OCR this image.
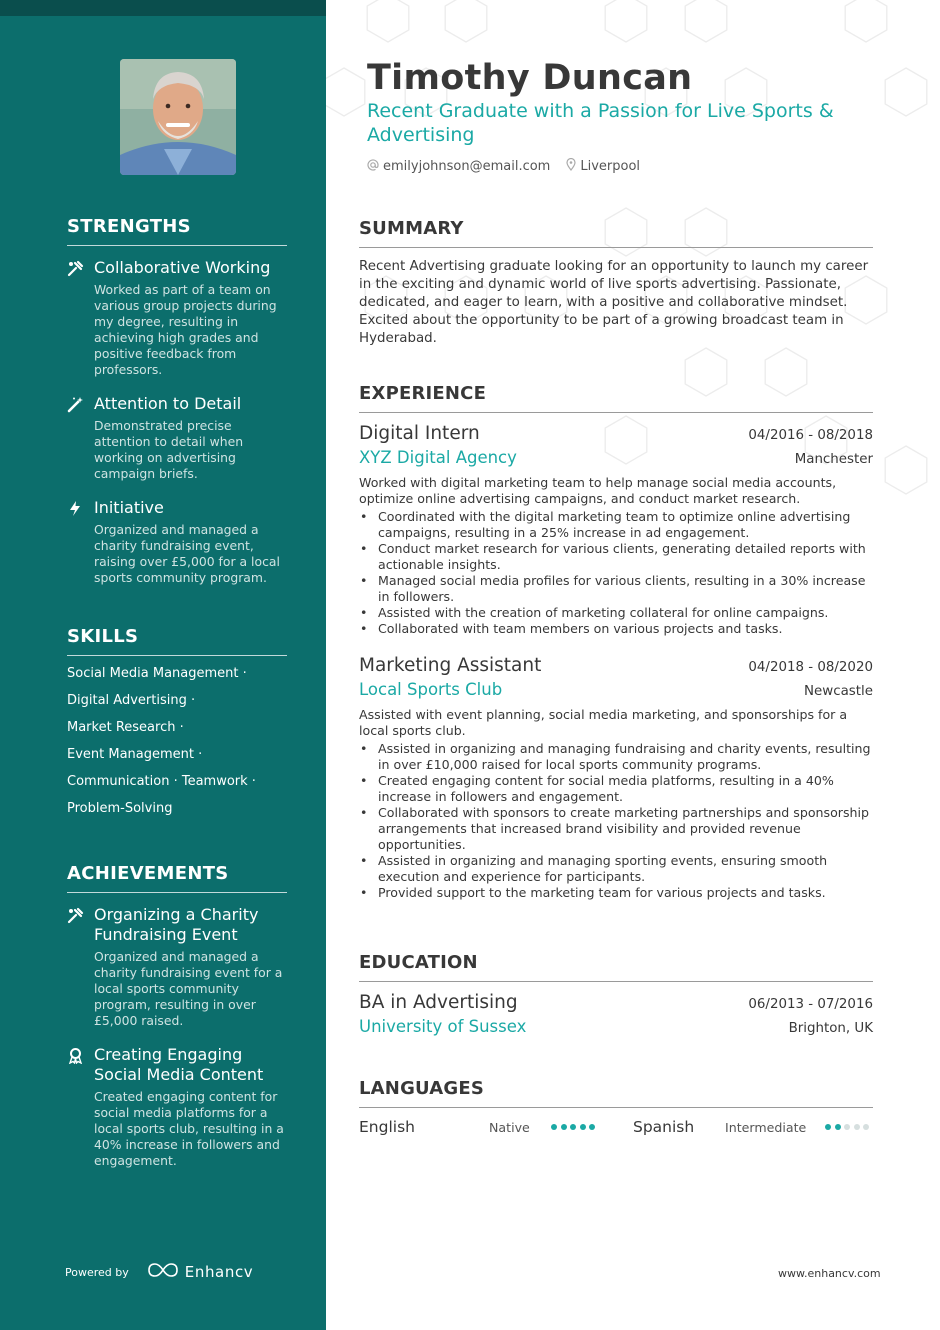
STRENGTHS
Collaborative Working
Worked as part of a team on various group projects during my degree, resulting in achieving high grades and positive feedback from professors.
Attention to Detail
Demonstrated precise attention to detail when working on advertising campaign briefs.
Initiative
Organized and managed a charity fundraising event, raising over £5,000 for a local sports community program.
SKILLS
Social Media Management ·
Digital Advertising ·
Market Research ·
Event Management ·
Communication · Teamwork ·
Problem-Solving
ACHIEVEMENTS
Organizing a Charity Fundraising Event
Organized and managed a charity fundraising event for a local sports community program, resulting in over £5,000 raised.
Creating Engaging Social Media Content
Created engaging content for social media platforms for a local sports club, resulting in a 40% increase in followers and engagement.
Powered by	Enhancv
Timothy Duncan
Recent Graduate with a Passion for Live Sports & Advertising
emilyjohnson@email.com Liverpool
SUMMARY

Recent Advertising graduate looking for an opportunity to launch my career in the exciting and dynamic world of live sports advertising. Passionate, dedicated, and eager to learn, with a positive and collaborative mindset. Excited about the opportunity to be part of a growing broadcast team in Hyderabad.

EXPERIENCE
Digital Intern	04/2016 - 08/2018
XYZ Digital Agency	Manchester

Worked with digital marketing team to help manage social media accounts, optimize online advertising campaigns, and conduct market research.

• Coordinated with the digital marketing team to optimize online advertising campaigns, resulting in a 25% increase in ad engagement.
• Conduct market research for various clients, generating detailed reports with actionable insights.
• Managed social media profiles for various clients, resulting in a 30% increase in followers.
• Assisted with the creation of marketing collateral for online campaigns.
• Collaborated with team members on various projects and tasks.
Marketing Assistant	04/2018 - 08/2020
Local Sports Club	Newcastle

Assisted with event planning, social media marketing, and sponsorships for a local sports club.

• Assisted in organizing and managing fundraising and charity events, resulting in over £10,000 raised for local sports community programs.
• Created engaging content for social media platforms, resulting in a 40% increase in followers and engagement.
• Collaborated with sponsors to create marketing partnerships and sponsorship arrangements that increased brand visibility and provided revenue opportunities.
• Assisted in organizing and managing sporting events, ensuring smooth execution and experience for participants.
• Provided support to the marketing team for various projects and tasks.
EDUCATION
BA in Advertising	06/2013 - 07/2016
University of Sussex	Brighton, UK
LANGUAGES
English	Native	Spanish	Intermediate
www.enhancv.com
